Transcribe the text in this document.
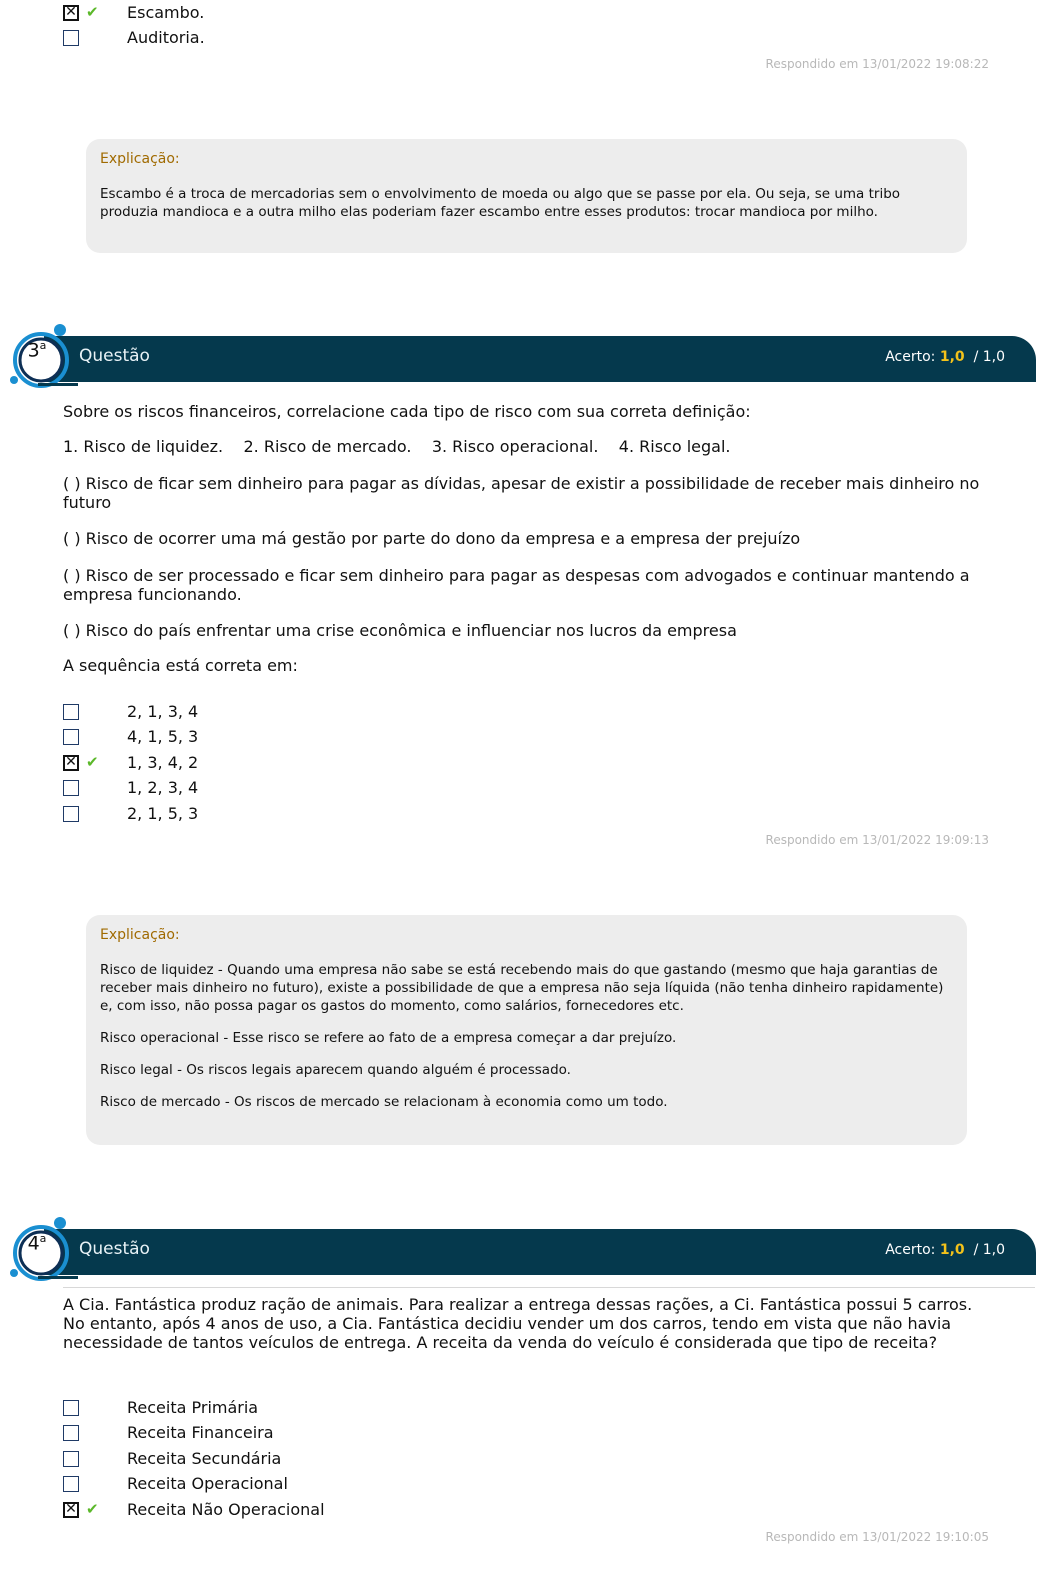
✕
✔ Escambo.
Auditoria.
Respondido em 13/01/2022 19:08:22
Explicação:

Escambo é a troca de mercadorias sem o envolvimento de moeda ou algo que se passe por ela. Ou seja, se uma tribo produzia mandioca e a outra milho elas poderiam fazer escambo entre esses produtos: trocar mandioca por milho.

Questão	Acerto: 1,0 / 1,0
3$^a$
Sobre os riscos financeiros, correlacione cada tipo de risco com sua correta definição:
1. Risco de liquidez.    2. Risco de mercado.    3. Risco operacional.    4. Risco legal.
( ) Risco de ficar sem dinheiro para pagar as dívidas, apesar de existir a possibilidade de receber mais dinheiro no futuro
( ) Risco de ocorrer uma má gestão por parte do dono da empresa e a empresa der prejuízo
( ) Risco de ser processado e ficar sem dinheiro para pagar as despesas com advogados e continuar mantendo a empresa funcionando.
( ) Risco do país enfrentar uma crise econômica e influenciar nos lucros da empresa
A sequência está correta em:
2, 1, 3, 4
4, 1, 5, 3
✕
✔ 1, 3, 4, 2
1, 2, 3, 4
2, 1, 5, 3
Respondido em 13/01/2022 19:09:13
Explicação:

Risco de liquidez - Quando uma empresa não sabe se está recebendo mais do que gastando (mesmo que haja garantias de receber mais dinheiro no futuro), existe a possibilidade de que a empresa não seja líquida (não tenha dinheiro rapidamente) e, com isso, não possa pagar os gastos do momento, como salários, fornecedores etc.

Risco operacional - Esse risco se refere ao fato de a empresa começar a dar prejuízo.

Risco legal - Os riscos legais aparecem quando alguém é processado.

Risco de mercado - Os riscos de mercado se relacionam à economia como um todo.

Questão	Acerto: 1,0 / 1,0
4$^a$
A Cia. Fantástica produz ração de animais. Para realizar a entrega dessas rações, a Ci. Fantástica possui 5 carros. No entanto, após 4 anos de uso, a Cia. Fantástica decidiu vender um dos carros, tendo em vista que não havia necessidade de tantos veículos de entrega. A receita da venda do veículo é considerada que tipo de receita?
Receita Primária
Receita Financeira
Receita Secundária
Receita Operacional
✕
✔ Receita Não Operacional
Respondido em 13/01/2022 19:10:05
